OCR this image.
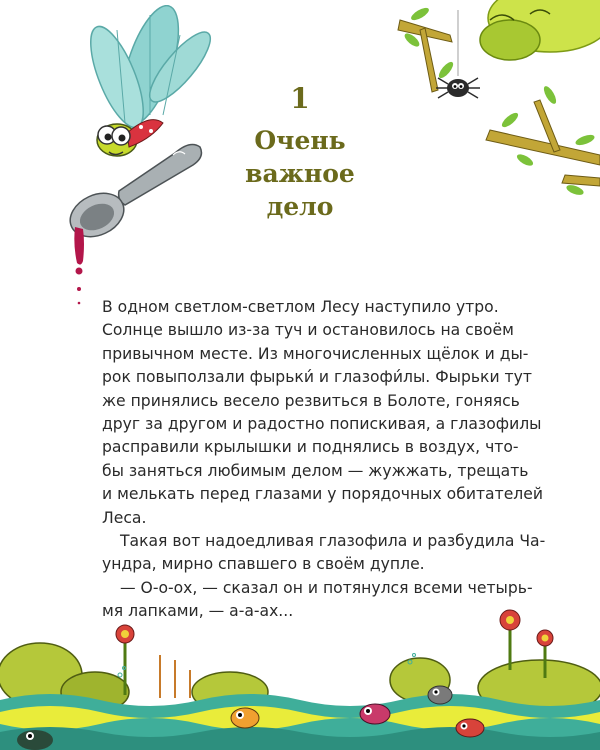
1
Очень
важное
дело
В одном светлом-светлом Лесу наступило утро.
Солнце вышло из-за туч и остановилось на своём
привычном месте. Из многочисленных щёлок и ды-
рок повыползали фырьки́ и глазофи́лы. Фырьки тут
же принялись весело резвиться в Болоте, гоняясь
друг за другом и радостно попискивая, а глазофилы
расправили крылышки и поднялись в воздух, что-
бы заняться любимым делом — жужжать, трещать
и мелькать перед глазами у порядочных обитателей
Леса.
Такая вот надоедливая глазофила и разбудила Ча-
ундра, мирно спавшего в своём дупле.
— О-о-ох, — сказал он и потянулся всеми четырь-
мя лапками, — а-а-ах...
